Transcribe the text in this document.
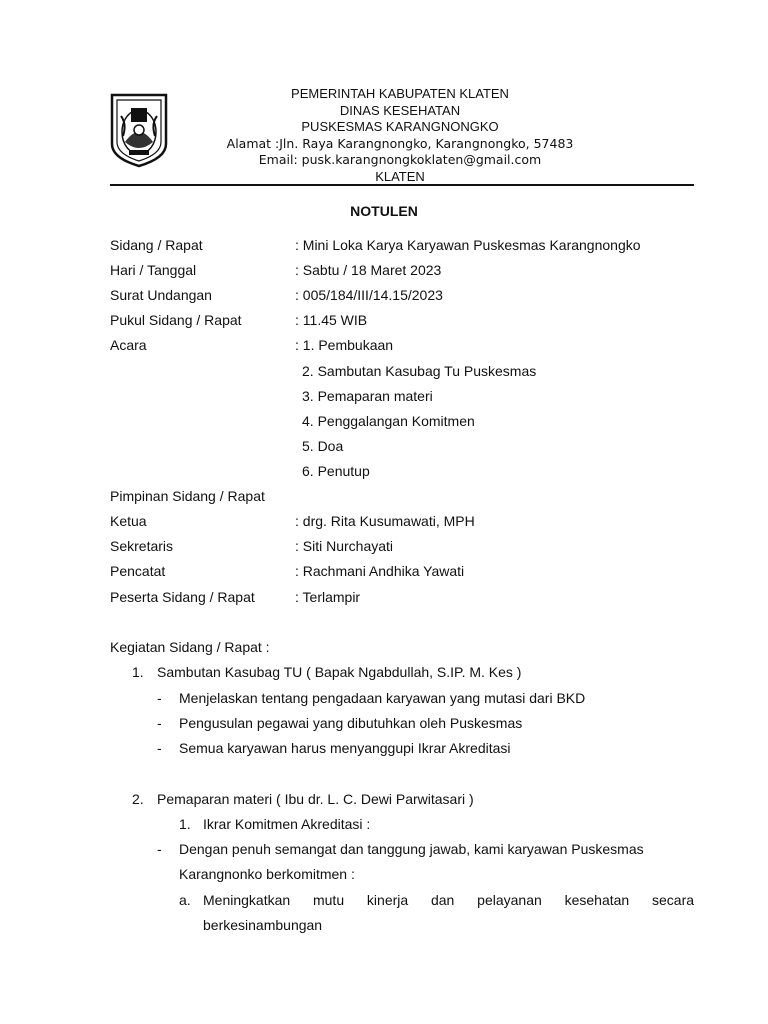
PEMERINTAH KABUPATEN KLATEN
DINAS KESEHATAN
PUSKESMAS KARANGNONGKO
Alamat :Jln. Raya Karangnongko, Karangnongko, 57483
Email: pusk.karangnongkoklaten@gmail.com
KLATEN
NOTULEN
Sidang / Rapat	: Mini Loka Karya Karyawan Puskesmas Karangnongko
Hari / Tanggal	: Sabtu / 18 Maret 2023
Surat Undangan	: 005/184/III/14.15/2023
Pukul Sidang / Rapat	: 11.45 WIB
Acara	: 1. Pembukaan
2. Sambutan Kasubag Tu Puskesmas
3. Pemaparan materi
4. Penggalangan Komitmen
5. Doa
6. Penutup
Pimpinan Sidang / Rapat
Ketua	: drg. Rita Kusumawati, MPH
Sekretaris	: Siti Nurchayati
Pencatat	: Rachmani Andhika Yawati
Peserta Sidang / Rapat	: Terlampir
Kegiatan Sidang / Rapat :
1. Sambutan Kasubag TU ( Bapak Ngabdullah, S.IP. M. Kes )
- Menjelaskan tentang pengadaan karyawan yang mutasi dari BKD
- Pengusulan pegawai yang dibutuhkan oleh Puskesmas
- Semua karyawan harus menyanggupi Ikrar Akreditasi
2. Pemaparan materi ( Ibu dr. L. C. Dewi Parwitasari )
1. Ikrar Komitmen Akreditasi :
- Dengan penuh semangat dan tanggung jawab, kami karyawan Puskesmas
Karangnonko berkomitmen :
a. Meningkatkan mutu kinerja dan pelayanan kesehatan secara
berkesinambungan
